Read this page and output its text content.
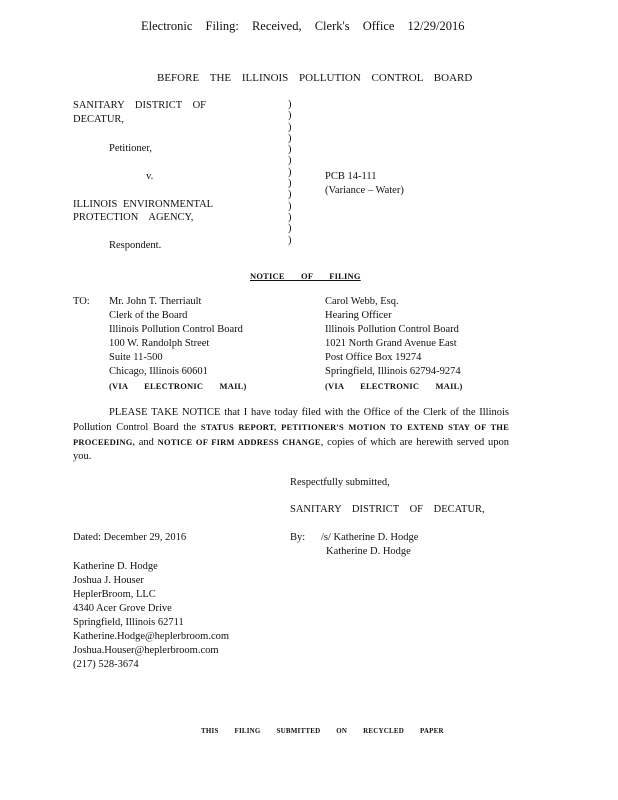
Electronic Filing: Received, Clerk's Office 12/29/2016
BEFORE THE ILLINOIS POLLUTION CONTROL BOARD
SANITARY DISTRICT OF
DECATUR,
Petitioner,
v.
ILLINOIS ENVIRONMENTAL
PROTECTION AGENCY,
Respondent.
)
)
)
)
)
)
)
)
)
)
)
)
)
PCB 14-111
(Variance – Water)
NOTICE OF FILING
TO: Mr. John T. Therriault
Clerk of the Board
Illinois Pollution Control Board
100 W. Randolph Street
Suite 11-500
Chicago, Illinois 60601
(VIA ELECTRONIC MAIL)
Carol Webb, Esq.
Hearing Officer
Illinois Pollution Control Board
1021 North Grand Avenue East
Post Office Box 19274
Springfield, Illinois 62794-9274
(VIA ELECTRONIC MAIL)
PLEASE TAKE NOTICE that I have today filed with the Office of the Clerk of the Illinois Pollution Control Board the STATUS REPORT, PETITIONER'S MOTION TO EXTEND STAY OF THE PROCEEDING, and NOTICE OF FIRM ADDRESS CHANGE, copies of which are herewith served upon you.
Respectfully submitted,
SANITARY DISTRICT OF DECATUR,
Dated: December 29, 2016	By: /s/ Katherine D. Hodge
Katherine D. Hodge
Katherine D. Hodge
Joshua J. Houser
HeplerBroom, LLC
4340 Acer Grove Drive
Springfield, Illinois 62711
Katherine.Hodge@heplerbroom.com
Joshua.Houser@heplerbroom.com
(217) 528-3674
THIS FILING SUBMITTED ON RECYCLED PAPER
